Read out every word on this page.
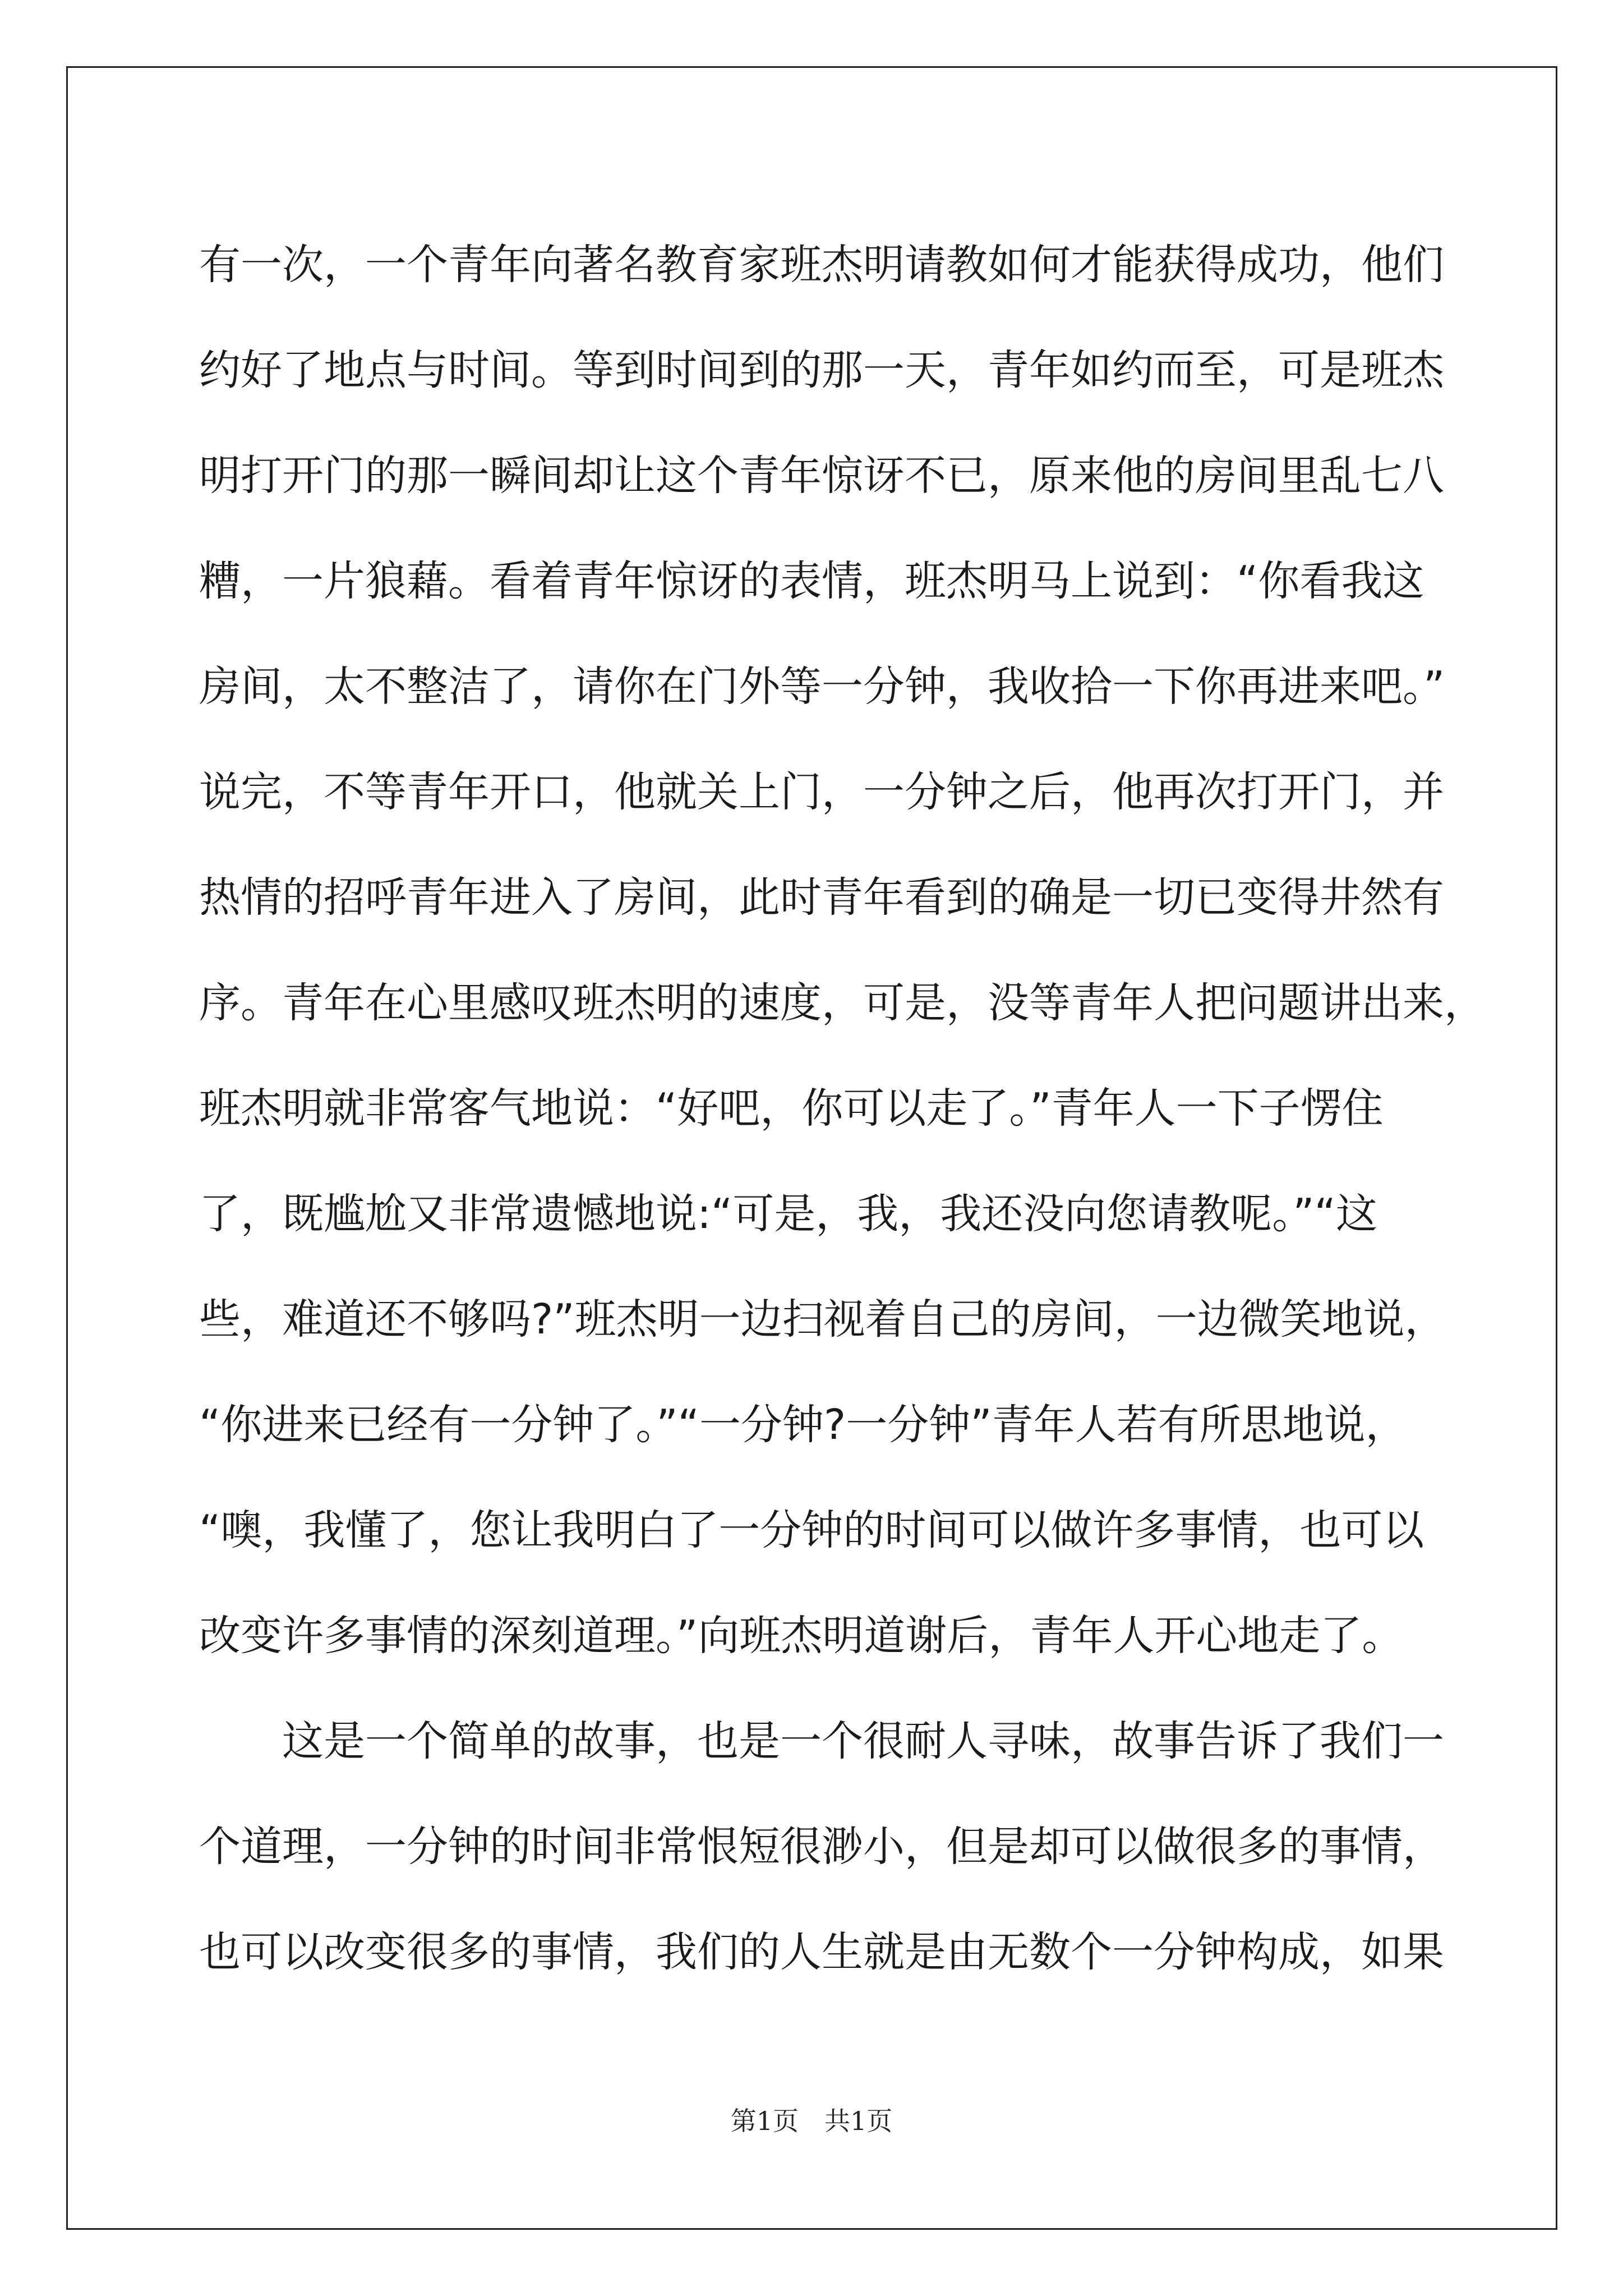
有一次，一个青年向著名教育家班杰明请教如何才能获得成功，他们
约好了地点与时间。等到时间到的那一天，青年如约而至，可是班杰
明打开门的那一瞬间却让这个青年惊讶不已，原来他的房间里乱七八
糟，一片狼藉。看着青年惊讶的表情，班杰明马上说到：“你看我这
房间，太不整洁了，请你在门外等一分钟，我收拾一下你再进来吧。”
说完，不等青年开口，他就关上门，一分钟之后，他再次打开门，并
热情的招呼青年进入了房间，此时青年看到的确是一切已变得井然有
序。青年在心里感叹班杰明的速度，可是，没等青年人把问题讲出来，
班杰明就非常客气地说：“好吧，你可以走了。”青年人一下子愣住
了，既尴尬又非常遗憾地说:“可是，我，我还没向您请教呢。”“这
些，难道还不够吗?”班杰明一边扫视着自己的房间，一边微笑地说，
“你进来已经有一分钟了。”“一分钟?一分钟”青年人若有所思地说，
“噢，我懂了，您让我明白了一分钟的时间可以做许多事情，也可以
改变许多事情的深刻道理。”向班杰明道谢后，青年人开心地走了。
　　这是一个简单的故事，也是一个很耐人寻味，故事告诉了我们一
个道理，一分钟的时间非常恨短很渺小，但是却可以做很多的事情，
也可以改变很多的事情，我们的人生就是由无数个一分钟构成，如果
第1页　共1页
